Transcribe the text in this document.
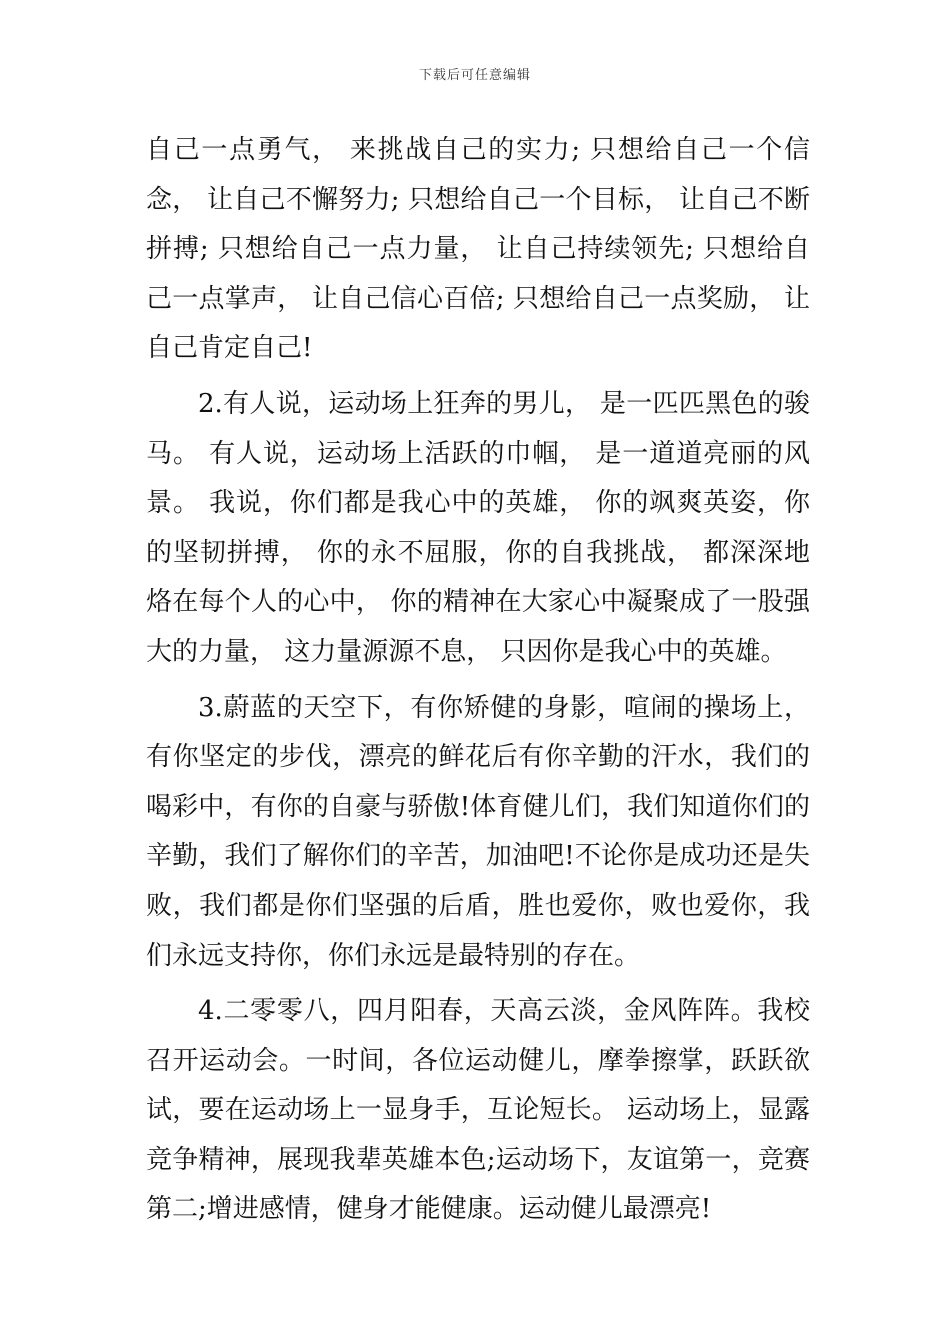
下载后可任意编辑

自己一点勇气， 来挑战自己的实力; 只想给自己一个信念， 让自己不懈努力; 只想给自己一个目标， 让自己不断拼搏; 只想给自己一点力量， 让自己持续领先; 只想给自己一点掌声， 让自己信心百倍; 只想给自己一点奖励， 让自己肯定自己!

2.有人说，运动场上狂奔的男儿， 是一匹匹黑色的骏马。 有人说，运动场上活跃的巾帼， 是一道道亮丽的风景。 我说，你们都是我心中的英雄， 你的飒爽英姿，你的坚韧拼搏， 你的永不屈服，你的自我挑战， 都深深地烙在每个人的心中， 你的精神在大家心中凝聚成了一股强大的力量， 这力量源源不息， 只因你是我心中的英雄。

3.蔚蓝的天空下，有你矫健的身影，喧闹的操场上，有你坚定的步伐，漂亮的鲜花后有你辛勤的汗水，我们的喝彩中，有你的自豪与骄傲!体育健儿们，我们知道你们的辛勤，我们了解你们的辛苦，加油吧!不论你是成功还是失败，我们都是你们坚强的后盾，胜也爱你，败也爱你，我们永远支持你，你们永远是最特别的存在。

4.二零零八，四月阳春，天高云淡，金风阵阵。我校召开运动会。一时间，各位运动健儿，摩拳擦掌，跃跃欲试，要在运动场上一显身手，互论短长。 运动场上，显露竞争精神，展现我辈英雄本色;运动场下，友谊第一，竞赛第二;增进感情，健身才能健康。运动健儿最漂亮!
